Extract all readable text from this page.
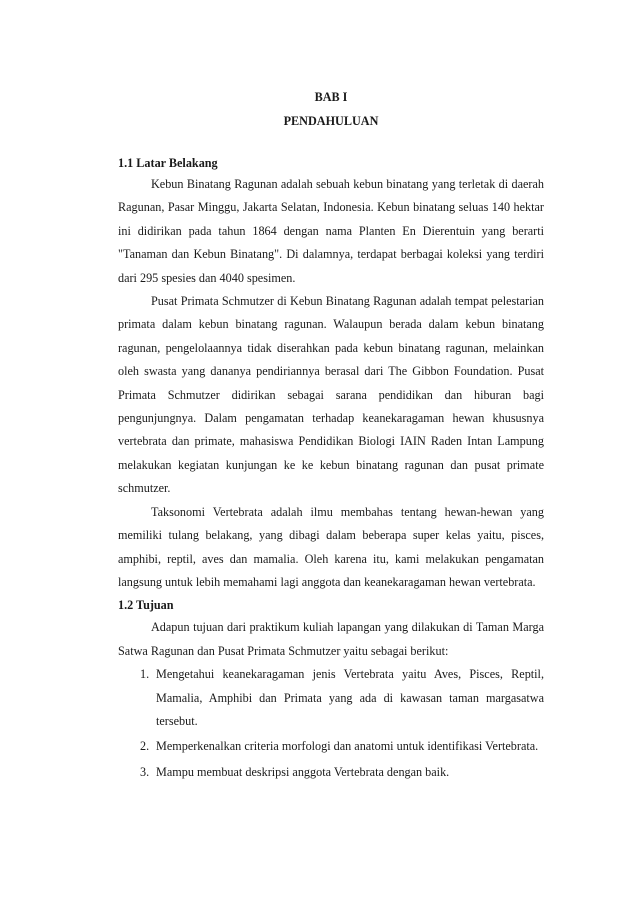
BAB I
PENDAHULUAN
1.1 Latar Belakang

Kebun Binatang Ragunan adalah sebuah kebun binatang yang terletak di daerah Ragunan, Pasar Minggu, Jakarta Selatan, Indonesia. Kebun binatang seluas 140 hektar ini didirikan pada tahun 1864 dengan nama Planten En Dierentuin yang berarti "Tanaman dan Kebun Binatang". Di dalamnya, terdapat berbagai koleksi yang terdiri dari 295 spesies dan 4040 spesimen.

Pusat Primata Schmutzer di Kebun Binatang Ragunan adalah tempat pelestarian primata dalam kebun binatang ragunan. Walaupun berada dalam kebun binatang ragunan, pengelolaannya tidak diserahkan pada kebun binatang ragunan, melainkan oleh swasta yang dananya pendiriannya berasal dari The Gibbon Foundation. Pusat Primata Schmutzer didirikan sebagai sarana pendidikan dan hiburan bagi pengunjungnya. Dalam pengamatan terhadap keanekaragaman hewan khususnya vertebrata dan primate, mahasiswa Pendidikan Biologi IAIN Raden Intan Lampung melakukan kegiatan kunjungan ke ke kebun binatang ragunan dan pusat primate schmutzer.

Taksonomi Vertebrata adalah ilmu membahas tentang hewan-hewan yang memiliki tulang belakang, yang dibagi dalam beberapa super kelas yaitu, pisces, amphibi, reptil, aves dan mamalia. Oleh karena itu, kami melakukan pengamatan langsung untuk lebih memahami lagi anggota dan keanekaragaman hewan vertebrata.

1.2 Tujuan

Adapun tujuan dari praktikum kuliah lapangan yang dilakukan di Taman Marga Satwa Ragunan dan Pusat Primata Schmutzer yaitu sebagai berikut:

1. Mengetahui keanekaragaman jenis Vertebrata yaitu Aves, Pisces, Reptil, Mamalia, Amphibi dan Primata yang ada di kawasan taman margasatwa tersebut.
2. Memperkenalkan criteria morfologi dan anatomi untuk identifikasi Vertebrata.
3. Mampu membuat deskripsi anggota Vertebrata dengan baik.
